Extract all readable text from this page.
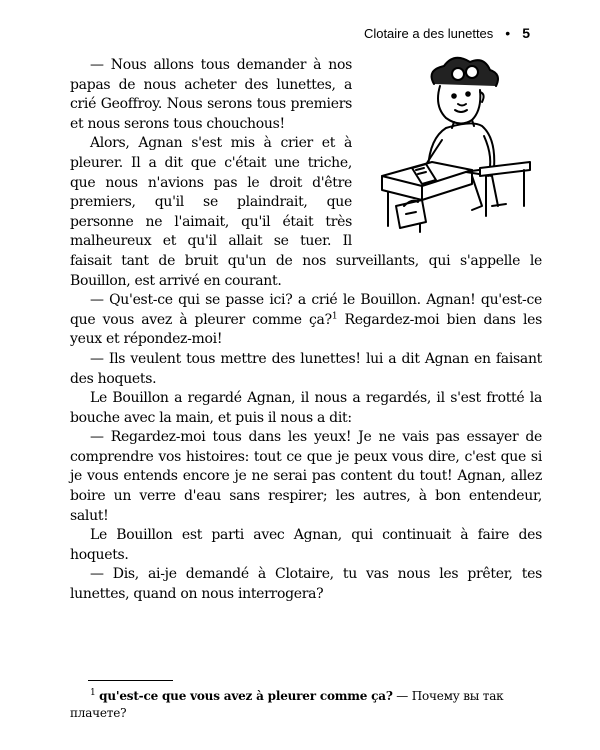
Clotaire a des lunettes • 5

— Nous allons tous demander à nos papas de nous acheter des lunettes, a crié Geoffroy. Nous serons tous premiers et nous serons tous chouchous!

Alors, Agnan s'est mis à crier et à pleurer. Il a dit que c'était une triche, que nous n'avions pas le droit d'être premiers, qu'il se plaindrait, que personne ne l'aimait, qu'il était très malheureux et qu'il allait se tuer. Il faisait tant de bruit qu'un de nos surveillants, qui s'appelle le Bouillon, est arrivé en courant.

— Qu'est-ce qui se passe ici? a crié le Bouillon. Agnan! qu'est-ce que vous avez à pleurer comme ça?$^1$ Regardez-moi bien dans les yeux et répondez-moi!

— Ils veulent tous mettre des lunettes! lui a dit Agnan en faisant des hoquets.

Le Bouillon a regardé Agnan, il nous a regardés, il s'est frotté la bouche avec la main, et puis il nous a dit:

— Regardez-moi tous dans les yeux! Je ne vais pas essayer de comprendre vos histoires: tout ce que je peux vous dire, c'est que si je vous entends encore je ne serai pas content du tout! Agnan, allez boire un verre d'eau sans respirer; les autres, à bon entendeur, salut!

Le Bouillon est parti avec Agnan, qui continuait à faire des hoquets.

— Dis, ai-je demandé à Clotaire, tu vas nous les prêter, tes lunettes, quand on nous interrogera?

$^1$ qu'est-ce que vous avez à pleurer comme ça? — Почему вы так плачете?
